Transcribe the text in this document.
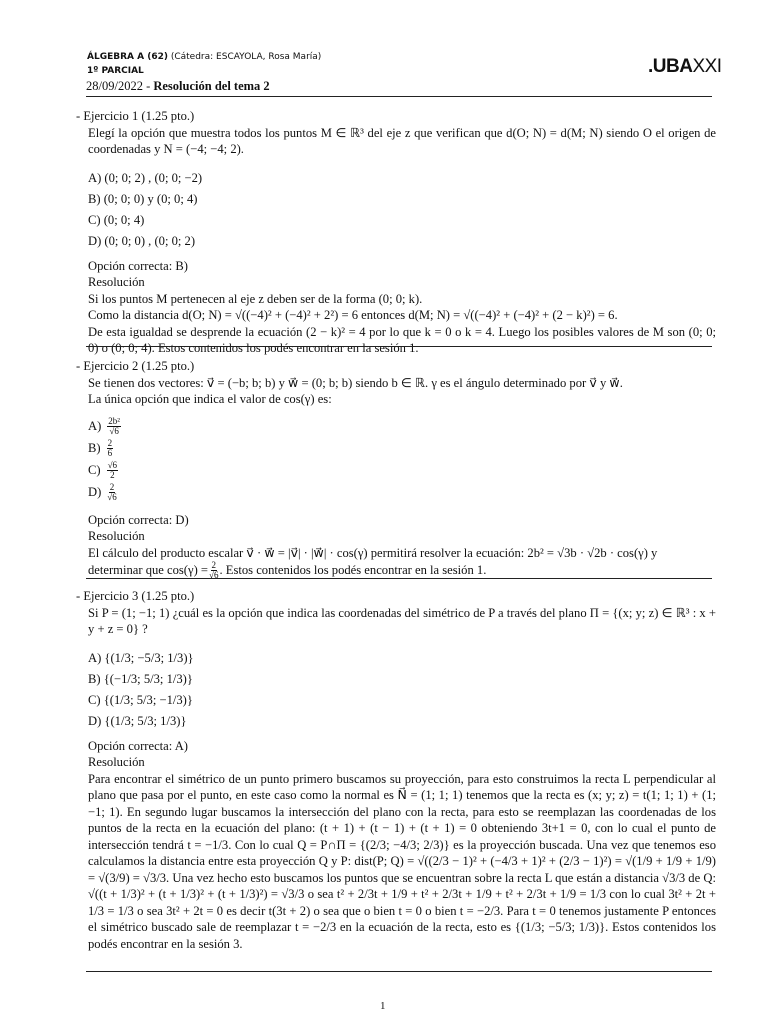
ÁLGEBRA A (62) (Cátedra: ESCAYOLA, Rosa María)
1º PARCIAL
28/09/2022 - Resolución del tema 2
.UBAXXI
- Ejercicio 1 (1.25 pto.)
Elegí la opción que muestra todos los puntos M ∈ ℝ³ del eje z que verifican que d(O; N) = d(M; N) siendo O el origen de coordenadas y N = (−4; −4; 2).
A) (0; 0; 2) , (0; 0; −2)
B) (0; 0; 0) y (0; 0; 4)
C) (0; 0; 4)
D) (0; 0; 0) , (0; 0; 2)
Opción correcta: B)
Resolución
Si los puntos M pertenecen al eje z deben ser de la forma (0; 0; k).
Como la distancia d(O; N) = √((−4)² + (−4)² + 2²) = 6 entonces d(M; N) = √((−4)² + (−4)² + (2 − k)²) = 6.
De esta igualdad se desprende la ecuación (2 − k)² = 4 por lo que k = 0 o k = 4. Luego los posibles valores de M son (0; 0; 0) o (0; 0; 4). Estos contenidos los podés encontrar en la sesión 1.
- Ejercicio 2 (1.25 pto.)
Se tienen dos vectores: v⃗ = (−b; b; b) y w⃗ = (0; b; b) siendo b ∈ ℝ. γ es el ángulo determinado por v⃗ y w⃗.
La única opción que indica el valor de cos(γ) es:
A) 2b²
√6
B) 2
6
C) √6
2
D) 2
√6
Opción correcta: D)
Resolución
El cálculo del producto escalar v⃗ · w⃗ = |v⃗| · |w⃗| · cos(γ) permitirá resolver la ecuación: 2b² = √3b · √2b · cos(γ) y
determinar que $\cos(\gamma) = \frac{2}{√6}$ . Estos contenidos los podés encontrar en la sesión 1.
- Ejercicio 3 (1.25 pto.)
Si P = (1; −1; 1) ¿cuál es la opción que indica las coordenadas del simétrico de P a través del plano Π = {(x; y; z) ∈ ℝ³ : x + y + z = 0} ?
A) {(1/3; −5/3; 1/3)}
B) {(−1/3; 5/3; 1/3)}
C) {(1/3; 5/3; −1/3)}
D) {(1/3; 5/3; 1/3)}
Opción correcta: A)
Resolución
Para encontrar el simétrico de un punto primero buscamos su proyección, para esto construimos la recta L perpendicular al plano que pasa por el punto, en este caso como la normal es N⃗ = (1; 1; 1) tenemos que la recta es (x; y; z) = t(1; 1; 1) + (1; −1; 1). En segundo lugar buscamos la intersección del plano con la recta, para esto se reemplazan las coordenadas de los puntos de la recta en la ecuación del plano: (t + 1) + (t − 1) + (t + 1) = 0 obteniendo 3t+1 = 0, con lo cual el punto de intersección tendrá t = −1/3. Con lo cual Q = P∩Π = {(2/3; −4/3; 2/3)} es la proyección buscada. Una vez que tenemos eso calculamos la distancia entre esta proyección Q y P: dist(P; Q) = √((2/3 − 1)² + (−4/3 + 1)² + (2/3 − 1)²) = √(1/9 + 1/9 + 1/9) = √(3/9) = √3/3. Una vez hecho esto buscamos los puntos que se encuentran sobre la recta L que están a distancia √3/3 de Q:
√((t + 1/3)² + (t + 1/3)² + (t + 1/3)²) = √3/3 o sea t² + 2/3t + 1/9 + t² + 2/3t + 1/9 + t² + 2/3t + 1/9 = 1/3 con lo cual 3t² + 2t + 1/3 = 1/3 o sea 3t² + 2t = 0 es decir t(3t + 2) o sea que o bien t = 0 o bien t = −2/3. Para t = 0 tenemos justamente P entonces el simétrico buscado sale de reemplazar t = −2/3 en la ecuación de la recta, esto es {(1/3; −5/3; 1/3)}. Estos contenidos los podés encontrar en la sesión 3.
1
